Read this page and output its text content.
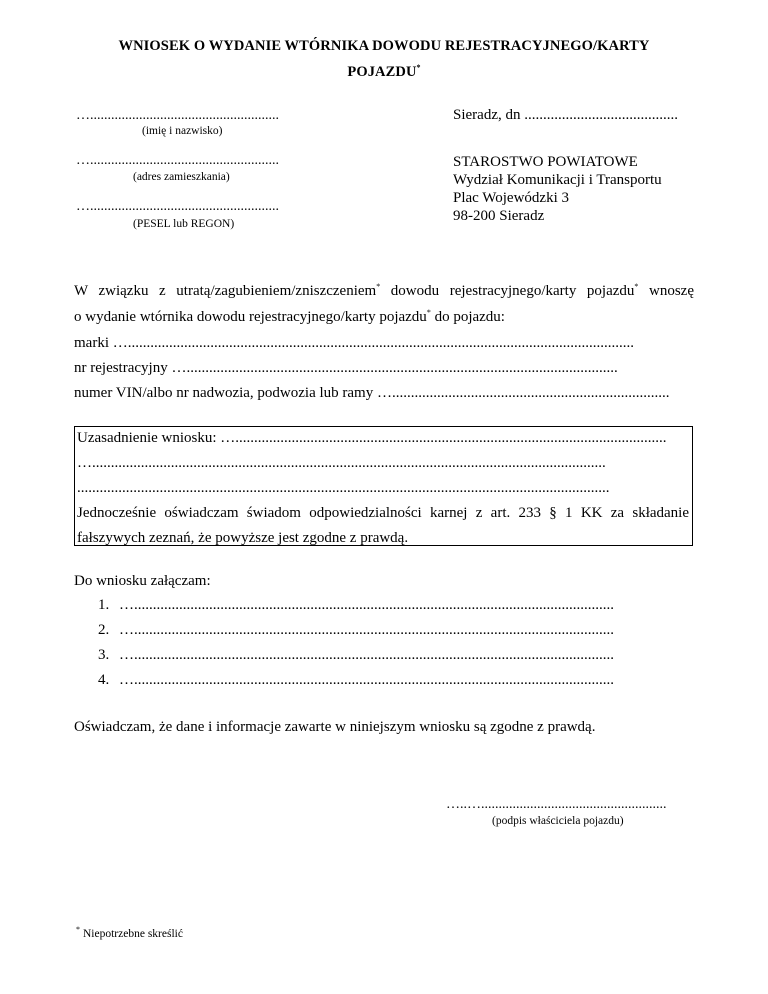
WNIOSEK O WYDANIE WTÓRNIKA DOWODU REJESTRACYJNEGO/KARTY
POJAZDU*
…......................................................
(imię i nazwisko)
…......................................................
(adres zamieszkania)
…......................................................
(PESEL lub REGON)
Sieradz, dn .........................................
STAROSTWO POWIATOWE
Wydział Komunikacji i Transportu
Plac Wojewódzki 3
98-200 Sieradz
W związku z utratą/zagubieniem/zniszczeniem* dowodu rejestracyjnego/karty pojazdu* wnoszę
o wydanie wtórnika dowodu rejestracyjnego/karty pojazdu* do pojazdu:
marki ….......................................................................................................................................
nr rejestracyjny …...................................................................................................................
numer VIN/albo nr nadwozia, podwozia lub ramy …..........................................................................
Uzasadnienie wniosku: …...................................................................................................................
….........................................................................................................................................
..............................................................................................................................................
Jednocześnie oświadczam świadom odpowiedzialności karnej z art. 233 § 1 KK za składanie
fałszywych zeznań, że powyższe jest zgodne z prawdą.
Do wniosku załączam:
1. …................................................................................................................................
2. …................................................................................................................................
3. …................................................................................................................................
4. …................................................................................................................................
Oświadczam, że dane i informacje zawarte w niniejszym wniosku są zgodne z prawdą.
…..….....................................................
(podpis właściciela pojazdu)
* Niepotrzebne skreślić
